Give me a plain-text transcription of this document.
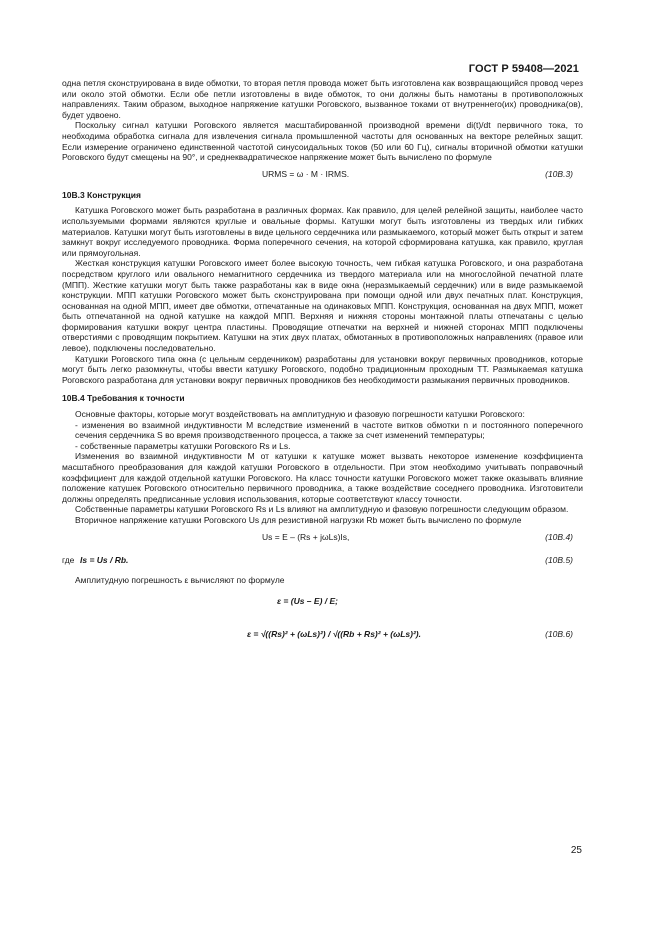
ГОСТ Р 59408—2021

одна петля сконструирована в виде обмотки, то вторая петля провода может быть изготовлена как возвращающийся провод через или около этой обмотки. Если обе петли изготовлены в виде обмоток, то они должны быть намотаны в противоположных направлениях. Таким образом, выходное напряжение катушки Роговского, вызванное токами от внутреннего(их) проводника(ов), будет удвоено.

Поскольку сигнал катушки Роговского является масштабированной производной времени di(t)/dt первичного тока, то необходима обработка сигнала для извлечения сигнала промышленной частоты для основанных на векторе релейных защит. Если измерение ограничено единственной частотой синусоидальных токов (50 или 60 Гц), сигналы вторичной обмотки катушки Роговского будут смещены на 90°, и среднеквадратическое напряжение может быть вычислено по формуле

URMS = ω · M · IRMS.	(10В.3)

10В.3 Конструкция

Катушка Роговского может быть разработана в различных формах. Как правило, для целей релейной защиты, наиболее часто используемыми формами являются круглые и овальные формы. Катушки могут быть изготовлены из твердых или гибких материалов. Катушки могут быть изготовлены в виде цельного сердечника или размыкаемого, который может быть открыт и затем замкнут вокруг исследуемого проводника. Форма поперечного сечения, на которой сформирована катушка, как правило, круглая или прямоугольная.

Жесткая конструкция катушки Роговского имеет более высокую точность, чем гибкая катушка Роговского, и она разработана посредством круглого или овального немагнитного сердечника из твердого материала или на многослойной печатной плате (МПП). Жесткие катушки могут быть также разработаны как в виде окна (неразмыкаемый сердечник) или в виде размыкаемой конструкции. МПП катушки Роговского может быть сконструирована при помощи одной или двух печатных плат. Конструкция, основанная на одной МПП, имеет две обмотки, отпечатанные на одинаковых МПП. Конструкция, основанная на двух МПП, может быть отпечатанной на одной катушке на каждой МПП. Верхняя и нижняя стороны монтажной платы отпечатаны с целью формирования катушки вокруг центра пластины. Проводящие отпечатки на верхней и нижней сторонах МПП подключены отверстиями с проводящим покрытием. Катушки на этих двух платах, обмотанных в противоположных направлениях (правое или левое), подключены последовательно.

Катушки Роговского типа окна (с цельным сердечником) разработаны для установки вокруг первичных проводников, которые могут быть легко разомкнуты, чтобы ввести катушку Роговского, подобно традиционным проходным ТТ. Размыкаемая катушка Роговского разработана для установки вокруг первичных проводников без необходимости размыкания первичных проводников.

10В.4 Требования к точности

Основные факторы, которые могут воздействовать на амплитудную и фазовую погрешности катушки Роговского:

- изменения во взаимной индуктивности M вследствие изменений в частоте витков обмотки n и постоянного поперечного сечения сердечника S во время производственного процесса, а также за счет изменений температуры;

- собственные параметры катушки Роговского Rs и Ls.

Изменения во взаимной индуктивности M от катушки к катушке может вызвать некоторое изменение коэффициента масштабного преобразования для каждой катушки Роговского в отдельности. При этом необходимо учитывать поправочный коэффициент для каждой отдельной катушки Роговского. На класс точности катушки Роговского может также оказывать влияние положение катушек Роговского относительно первичного проводника, а также воздействие соседнего проводника. Изготовители должны определять предписанные условия использования, которые соответствуют классу точности.

Собственные параметры катушки Роговского Rs и Ls влияют на амплитудную и фазовую погрешности следующим образом.

Вторичное напряжение катушки Роговского Us для резистивной нагрузки Rb может быть вычислено по формуле

Us = E – (Rs + jωLs)Is,	(10В.4)
где Is = Us / Rb.	(10В.5)

Амплитудную погрешность ε вычисляют по формуле

ε = (Us – E) / E;
ε = √((Rs)² + (ωLs)²) / √((Rb + Rs)² + (ωLs)²).	(10В.6)
25
